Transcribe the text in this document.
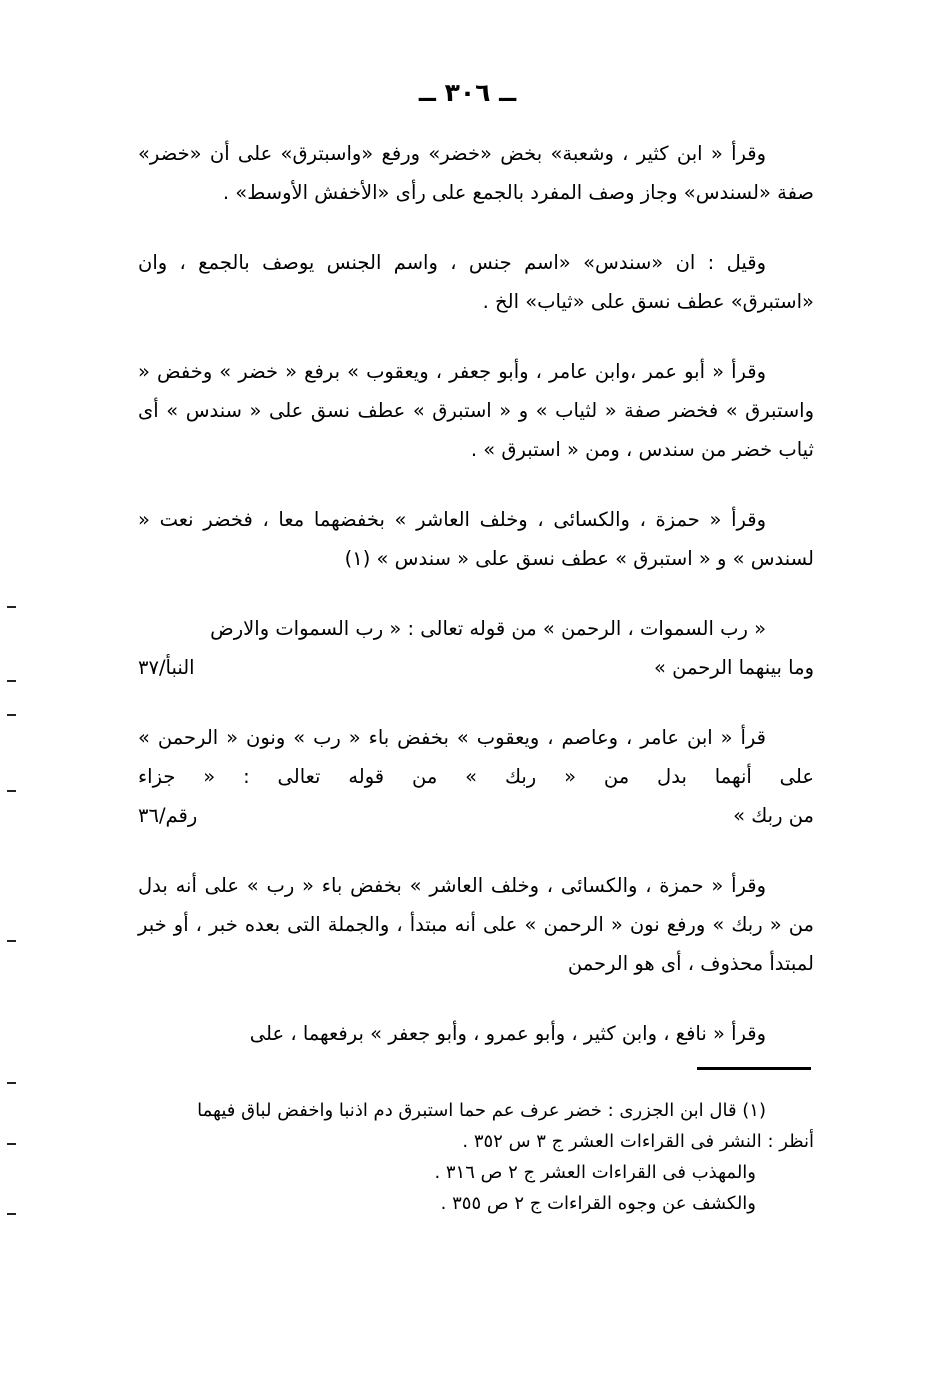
ــ ٣٠٦ ــ

وقرأ « ابن كثير ، وشعبة» بخض «خضر» ورفع «واسبترق» على أن «خضر» صفة «لسندس» وجاز وصف المفرد بالجمع على رأى «الأخفش الأوسط» .

وقيل : ان «سندس» «اسم جنس ، واسم الجنس يوصف بالجمع ، وان «استبرق» عطف نسق على «ثياب» الخ .

وقرأ « أبو عمر ،وابن عامر ، وأبو جعفر ، ويعقوب » برفع « خضر » وخفض « واستبرق » فخضر صفة « لثياب » و « استبرق » عطف نسق على « سندس » أى ثياب خضر من سندس ، ومن « استبرق » .

وقرأ « حمزة ، والكسائى ، وخلف العاشر » بخفضهما معا ، فخضر نعت « لسندس » و « استبرق » عطف نسق على « سندس » (١)

« رب السموات ، الرحمن » من قوله تعالى : « رب السموات والارض
وما بينهما الرحمن »
النبأ/٣٧
قرأ « ابن عامر ، وعاصم ، ويعقوب » بخفض باء « رب » ونون « الرحمن » على أنهما بدل من « ربك » من قوله تعالى : « جزاء
من ربك »
رقم/٣٦

وقرأ « حمزة ، والكسائى ، وخلف العاشر » بخفض باء « رب » على أنه بدل من « ربك » ورفع نون « الرحمن » على أنه مبتدأ ، والجملة التى بعده خبر ، أو خبر لمبتدأ محذوف ، أى هو الرحمن

وقرأ « نافع ، وابن كثير ، وأبو عمرو ، وأبو جعفر » برفعهما ، على

(١) قال ابن الجزرى : خضر عرف عم حما استبرق دم اذنبا واخفض لباق فيهما
أنظر : النشر فى القراءات العشر ج ٣ س ٣٥٢ .
والمهذب فى القراءات العشر ج ٢ ص ٣١٦ .
والكشف عن وجوه القراءات ج ٢ ص ٣٥٥ .
